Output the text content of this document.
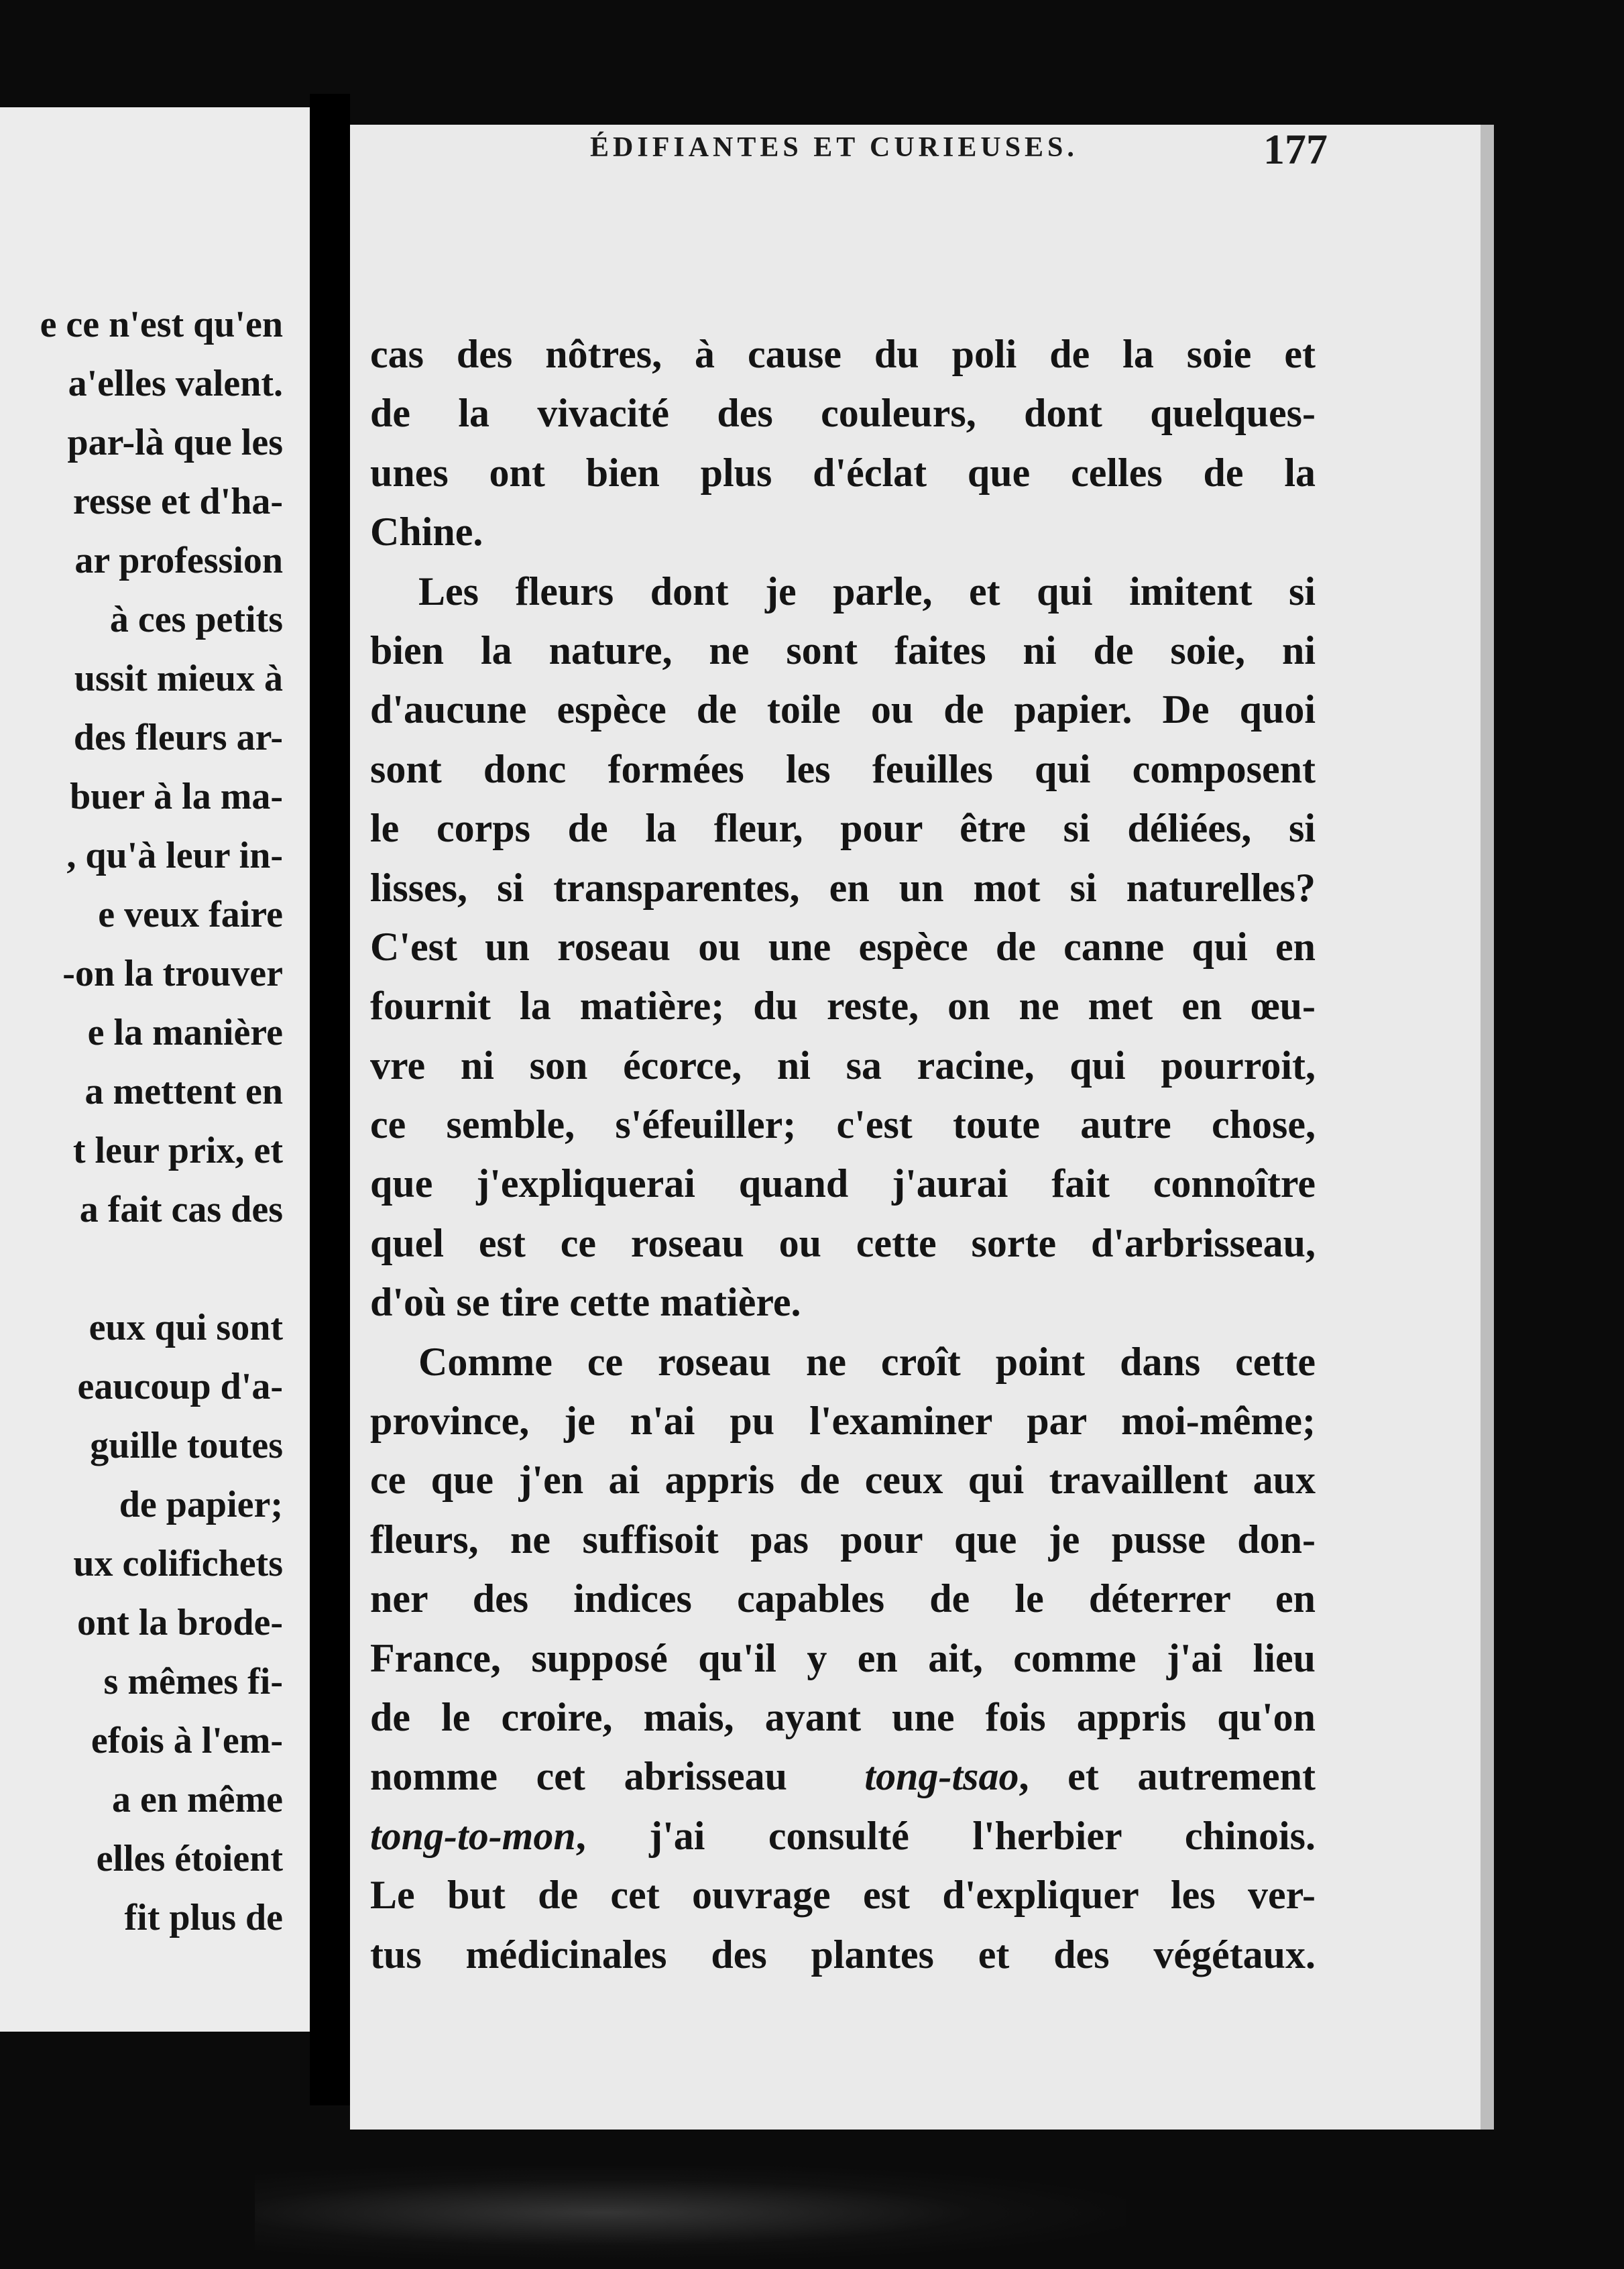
e ce n'est qu'en
a'elles valent.
par-là que les
resse et d'ha-
ar profession
à ces petits
ussit mieux à
des fleurs ar-
buer à la ma-
, qu'à leur in-
e veux faire
-on la trouver
e la manière
a mettent en
t leur prix, et
a fait cas des
eux qui sont
eaucoup d'a-
guille toutes
de papier;
ux colifichets
ont la brode-
s mêmes fi-
efois à l'em-
a en même
elles étoient
fit plus de
ÉDIFIANTES ET CURIEUSES.	177
cas des nôtres, à cause du poli de la soie et
de la vivacité des couleurs, dont quelques-
unes ont bien plus d'éclat que celles de la
Chine.
Les fleurs dont je parle, et qui imitent si
bien la nature, ne sont faites ni de soie, ni
d'aucune espèce de toile ou de papier. De quoi
sont donc formées les feuilles qui composent
le corps de la fleur, pour être si déliées, si
lisses, si transparentes, en un mot si naturelles?
C'est un roseau ou une espèce de canne qui en
fournit la matière; du reste, on ne met en œu-
vre ni son écorce, ni sa racine, qui pourroit,
ce semble, s'éfeuiller; c'est toute autre chose,
que j'expliquerai quand j'aurai fait connoître
quel est ce roseau ou cette sorte d'arbrisseau,
d'où se tire cette matière.
Comme ce roseau ne croît point dans cette
province, je n'ai pu l'examiner par moi-même;
ce que j'en ai appris de ceux qui travaillent aux
fleurs, ne suffisoit pas pour que je pusse don-
ner des indices capables de le déterrer en
France, supposé qu'il y en ait, comme j'ai lieu
de le croire, mais, ayant une fois appris qu'on
nomme cet abrisseau tong-tsao, et autrement
tong-to-mon, j'ai consulté l'herbier chinois.
Le but de cet ouvrage est d'expliquer les ver-
tus médicinales des plantes et des végétaux.
